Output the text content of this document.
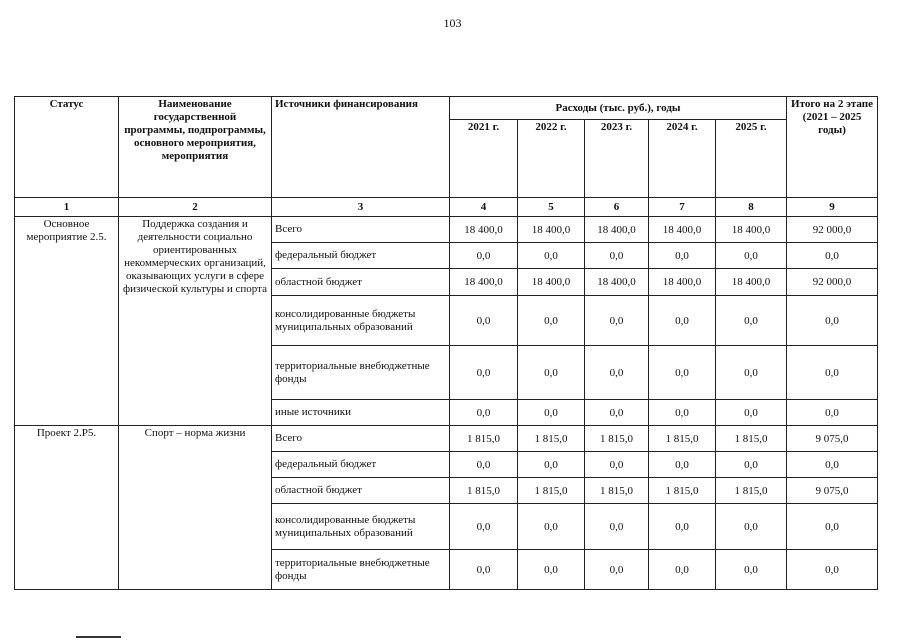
103
Статус	Наименование государственной программы, подпрограммы, основного мероприятия, мероприятия	Источники финансирования	Расходы (тыс. руб.), годы					Итого на 2 этапе (2021 – 2025 годы)
			2021 г.	2022 г.	2023 г.	2024 г.	2025 г.	
1	2	3	4	5	6	7	8	9
Основное мероприятие 2.5.	Поддержка создания и деятельности социально ориентированных некоммерческих организаций, оказывающих услуги в сфере физической культуры и спорта	Всего	18 400,0	18 400,0	18 400,0	18 400,0	18 400,0	92 000,0
		федеральный бюджет	0,0	0,0	0,0	0,0	0,0	0,0
		областной бюджет	18 400,0	18 400,0	18 400,0	18 400,0	18 400,0	92 000,0
		консолидированные бюджеты муниципальных образований	0,0	0,0	0,0	0,0	0,0	0,0
		территориальные внебюджетные фонды	0,0	0,0	0,0	0,0	0,0	0,0
		иные источники	0,0	0,0	0,0	0,0	0,0	0,0
Проект 2.Р5.	Спорт – норма жизни	Всего	1 815,0	1 815,0	1 815,0	1 815,0	1 815,0	9 075,0
		федеральный бюджет	0,0	0,0	0,0	0,0	0,0	0,0
		областной бюджет	1 815,0	1 815,0	1 815,0	1 815,0	1 815,0	9 075,0
		консолидированные бюджеты муниципальных образований	0,0	0,0	0,0	0,0	0,0	0,0
		территориальные внебюджетные фонды	0,0	0,0	0,0	0,0	0,0	0,0
